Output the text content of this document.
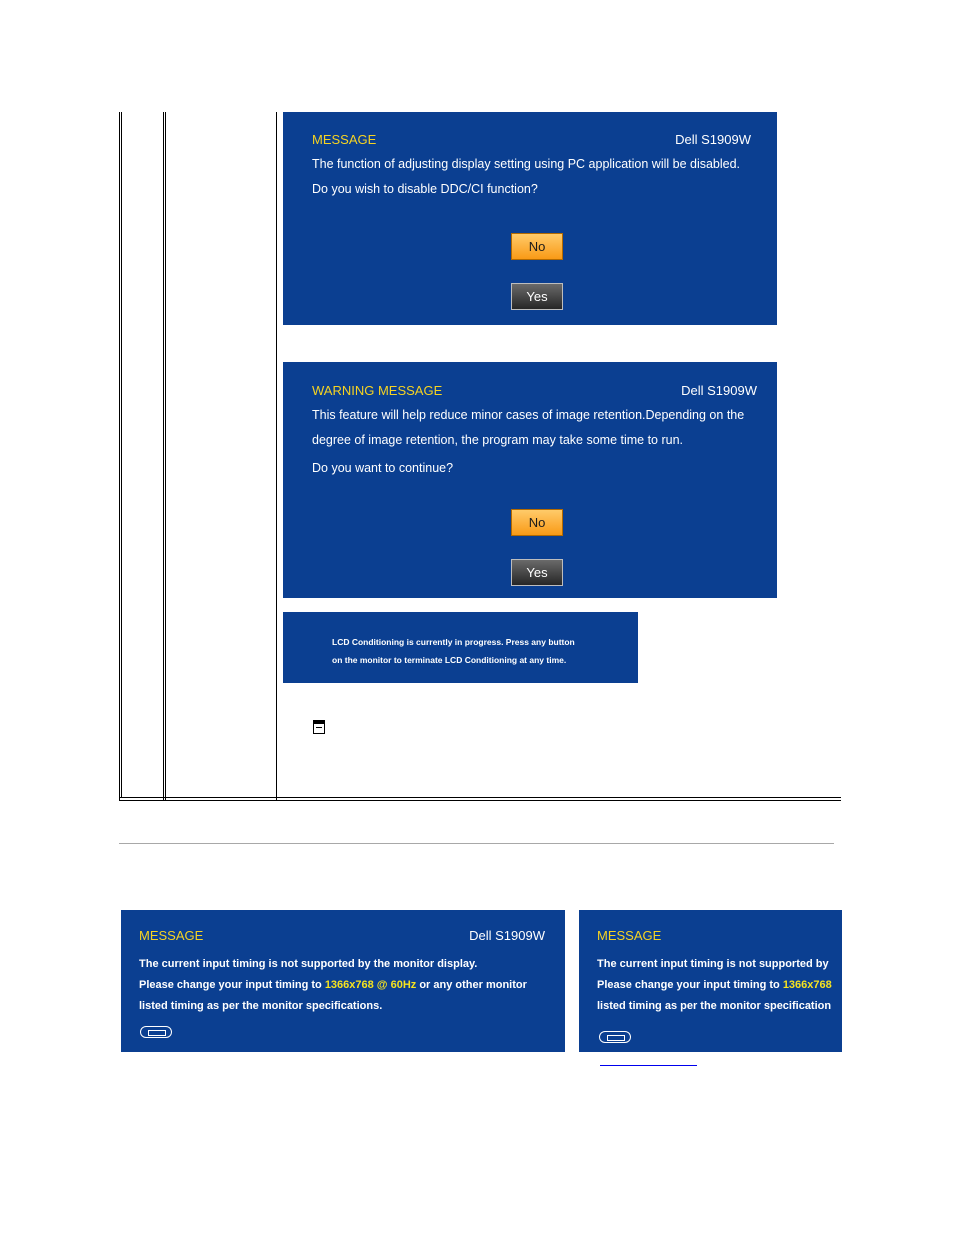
MESSAGE	Dell S1909W
The function of adjusting display setting using PC application will be disabled.
Do you wish to disable DDC/CI function?
No
Yes
WARNING MESSAGE	Dell S1909W
This feature will help reduce minor cases of image retention.Depending on the
degree of image retention, the program may take some time to run.
Do you want to continue?
No
Yes
LCD Conditioning is currently in progress. Press any button
on the monitor to terminate LCD Conditioning at any time.
MESSAGE	Dell S1909W
The current input timing is not supported by the monitor display.
Please change your input timing to 1366x768 @ 60Hz or any other monitor
listed timing as per the monitor specifications.
MESSAGE
The current input timing is not supported by
Please change your input timing to 1366x768
listed timing as per the monitor specification
